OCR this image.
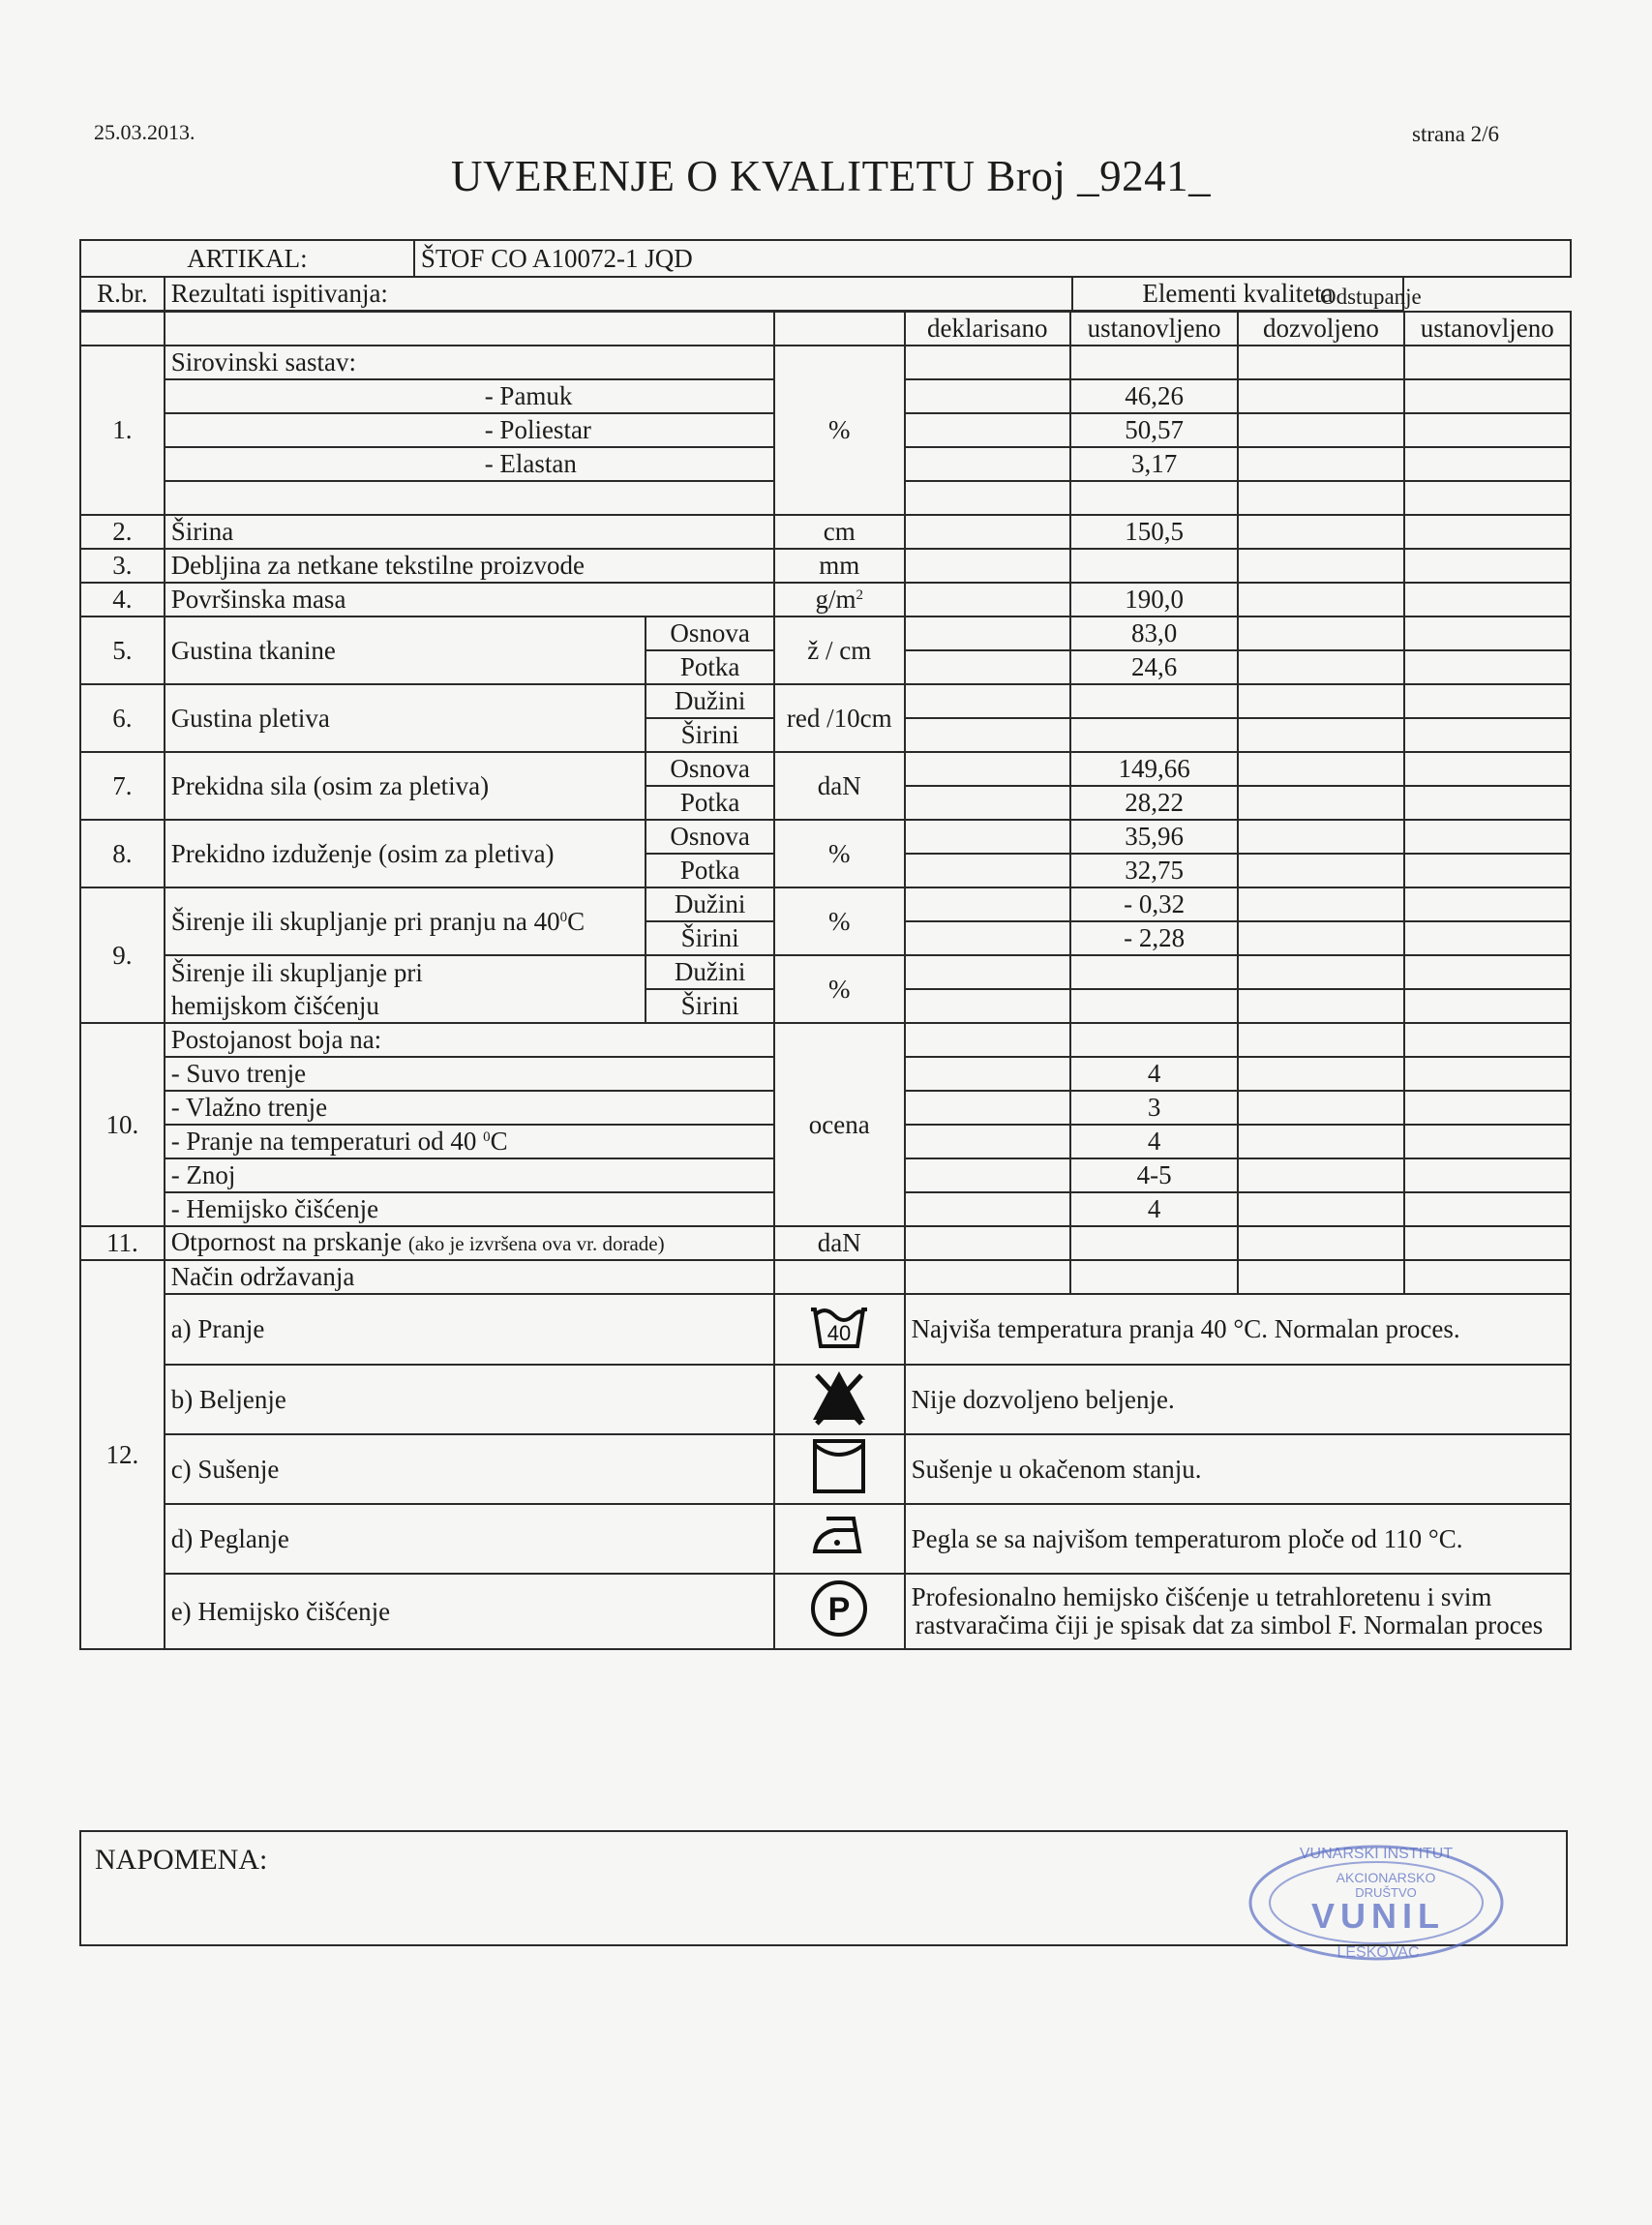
25.03.2013.	strana 2/6
UVERENJE O KVALITETU Broj _9241_
ARTIKAL:		ŠTOF CO A10072-1 JQD	
R.br.	Rezultati ispitivanja:		Elementi kvaliteta
				deklarisano	ustanovljeno	dozvoljeno	ustanovljeno
1.	Sirovinski sastav:		%				
	- Pamuk				46,26		
	- Poliestar				50,57		
	- Elastan				3,17		

2.	Širina		cm		150,5		
3.	Debljina za netkane tekstilne proizvode		mm				
4.	Površinska masa		$g/m^2$		190,0		
5.	Gustina tkanine	Osnova	ž / cm		83,0		
		Potka			24,6		
6.	Gustina pletiva	Dužini	red /10cm				
		Širini					
7.	Prekidna sila (osim za pletiva)	Osnova	daN		149,66		
		Potka			28,22		
8.	Prekidno izduženje (osim za pletiva)	Osnova	%		35,96		
		Potka			32,75		
9.	Širenje ili skupljanje pri pranju na $40^0C$	Dužini	%		- 0,32		
		Širini			- 2,28		
	Širenje ili skupljanje pri
hemijskom čišćenju	Dužini	%				
		Širini					
10.	Postojanost boja na:		ocena				
	- Suvo trenje				4		
	- Vlažno trenje				3		
	- Pranje na temperaturi od 40 $^0$C				4		
	- Znoj				4-5		
	- Hemijsko čišćenje				4		
11.	Otpornost na prskanje (ako je izvršena ova vr. dorade)		daN				
12.	Način održavanja						
	a) Pranje		40	Najviša temperatura pranja 40 °C. Normalan proces.			
	b) Beljenje			Nije dozvoljeno beljenje.			
	c) Sušenje			Sušenje u okačenom stanju.			
	d) Peglanje			Pegla se sa najvišom temperaturom ploče od 110 °C.			
	e) Hemijsko čišćenje		P	Profesionalno hemijsko čišćenje u tetrahloretenu i svim
rastvaračima čiji je spisak dat za simbol F. Normalan proces			
Odstupanje
NAPOMENA:	VUNARSKI INSTITUT
AKCIONARSKO
DRUŠTVO
VUNIL
LESKOVAC
